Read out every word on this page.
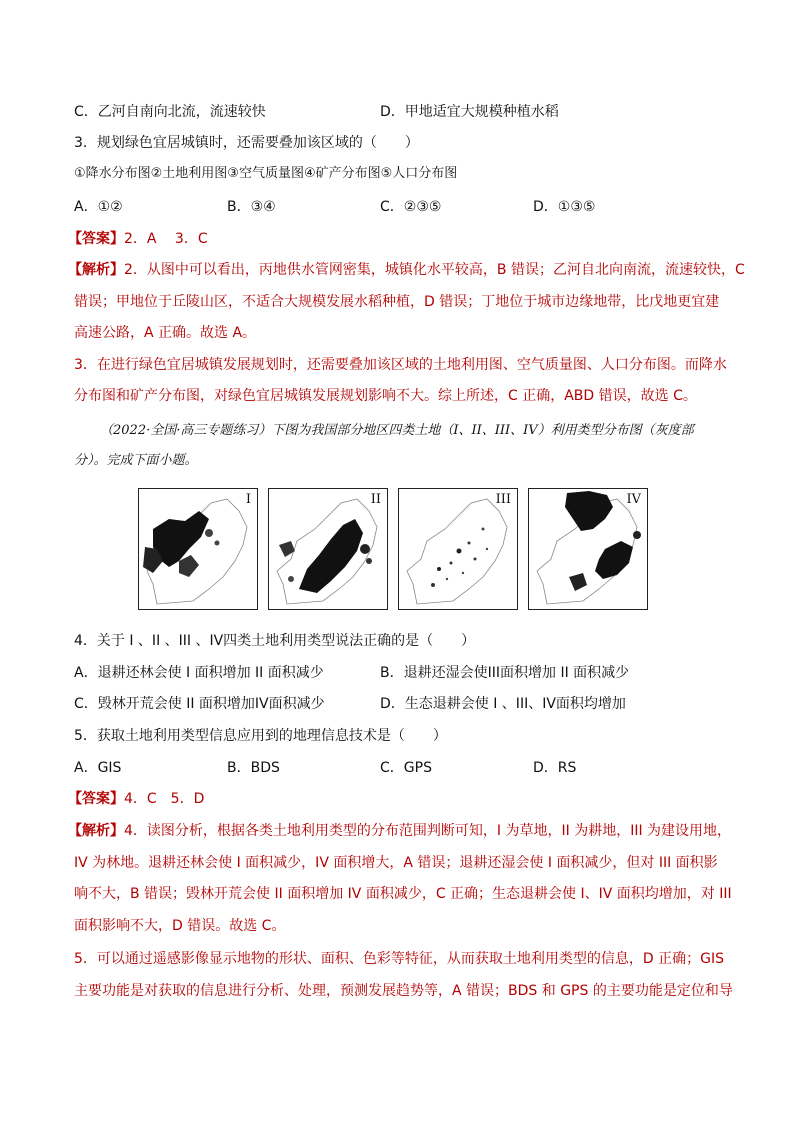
C．乙河自南向北流，流速较快	D．甲地适宜大规模种植水稻
3．规划绿色宜居城镇时，还需要叠加该区域的（　　）
①降水分布图②土地利用图③空气质量图④矿产分布图⑤人口分布图
A．①②	B．③④	C．②③⑤	D．①③⑤
【答案】2．A　 3．C
【解析】2．从图中可以看出，丙地供水管网密集，城镇化水平较高，B 错误；乙河自北向南流，流速较快，C
错误；甲地位于丘陵山区，不适合大规模发展水稻种植，D 错误；丁地位于城市边缘地带，比戊地更宜建
高速公路，A 正确。故选 A。
3．在进行绿色宜居城镇发展规划时，还需要叠加该区域的土地利用图、空气质量图、人口分布图。而降水
分布图和矿产分布图，对绿色宜居城镇发展规划影响不大。综上所述，C 正确，ABD 错误，故选 C。
（2022·全国·高三专题练习）下图为我国部分地区四类土地（I、II、III、IV）利用类型分布图（灰度部
分）。完成下面小题。
I	II	III	IV
4．关于 I 、II 、III 、IV四类土地利用类型说法正确的是（　　）
A．退耕还林会使 I 面积增加 II 面积减少	B．退耕还湿会使III面积增加 II 面积减少
C．毁林开荒会使 II 面积增加IV面积减少	D．生态退耕会使 I 、III、IV面积均增加
5．获取土地利用类型信息应用到的地理信息技术是（　　）
A．GIS	B．BDS	C．GPS	D．RS
【答案】4．C　5．D
【解析】4．读图分析，根据各类土地利用类型的分布范围判断可知，I 为草地，II 为耕地，III 为建设用地，
IV 为林地。退耕还林会使 I 面积减少，IV 面积增大，A 错误；退耕还湿会使 I 面积减少，但对 III 面积影
响不大，B 错误；毁林开荒会使 II 面积增加 IV 面积减少，C 正确；生态退耕会使 I、IV 面积均增加，对 III
面积影响不大，D 错误。故选 C。
5．可以通过遥感影像显示地物的形状、面积、色彩等特征，从而获取土地利用类型的信息，D 正确；GIS
主要功能是对获取的信息进行分析、处理，预测发展趋势等，A 错误；BDS 和 GPS 的主要功能是定位和导
